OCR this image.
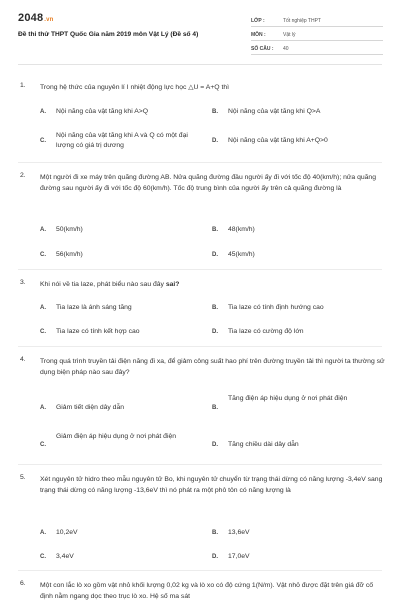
2048.vn
Đề thi thử THPT Quốc Gia năm 2019 môn Vật Lý (Đề số 4)
LỚP :	Tốt nghiệp THPT
MÔN :	Vật lý
SỐ CÂU : 40
1. Trong hệ thức của nguyên lí I nhiệt động lực học △U = A+Q thì
A. Nội năng của vật tăng khi A>Q	B. Nội năng của vật tăng khi Q>A
C.
Nội năng của vật tăng khi A và Q có một đại lượng có giá trị dương
D. Nội năng của vật tăng khi A+Q>0
2. Một người đi xe máy trên quãng đường AB. Nửa quãng đường đầu người ấy đi với tốc độ 40(km/h); nửa quãng đường sau người ấy đi với tốc độ 60(km/h). Tốc độ trung bình của người ấy trên cả quãng đường là
A. 50(km/h)	B. 48(km/h)
C. 56(km/h)	D. 45(km/h)
3. Khi nói về tia laze, phát biểu nào sau đây sai?
A. Tia laze là ánh sáng tăng	B. Tia laze có tính định hướng cao
C. Tia laze có tính kết hợp cao	D. Tia laze có cường độ lớn
4. Trong quá trình truyền tải điện năng đi xa, để giảm công suất hao phí trên đường truyền tải thì người ta thường sử dụng biện pháp nào sau đây?
A. Giảm tiết diện dây dẫn	B.
Tăng điện áp hiệu dụng ở nơi phát điện
C.
Giảm điện áp hiệu dụng ở nơi phát điện
D. Tăng chiều dài dây dẫn
5. Xét nguyên tử hidro theo mẫu nguyên tử Bo, khi nguyên tử chuyển từ trạng thái dừng có năng lượng -3,4eV sang trạng thái dừng có năng lượng -13,6eV thì nó phát ra một phô tôn có năng lượng là
A. 10,2eV	B. 13,6eV
C. 3,4eV	D. 17,0eV
6. Một con lắc lò xo gồm vật nhỏ khối lượng 0,02 kg và lò xo có độ cứng 1(N/m). Vật nhỏ được đặt trên giá đỡ cố định nằm ngang dọc theo trục lò xo. Hệ số ma sát
